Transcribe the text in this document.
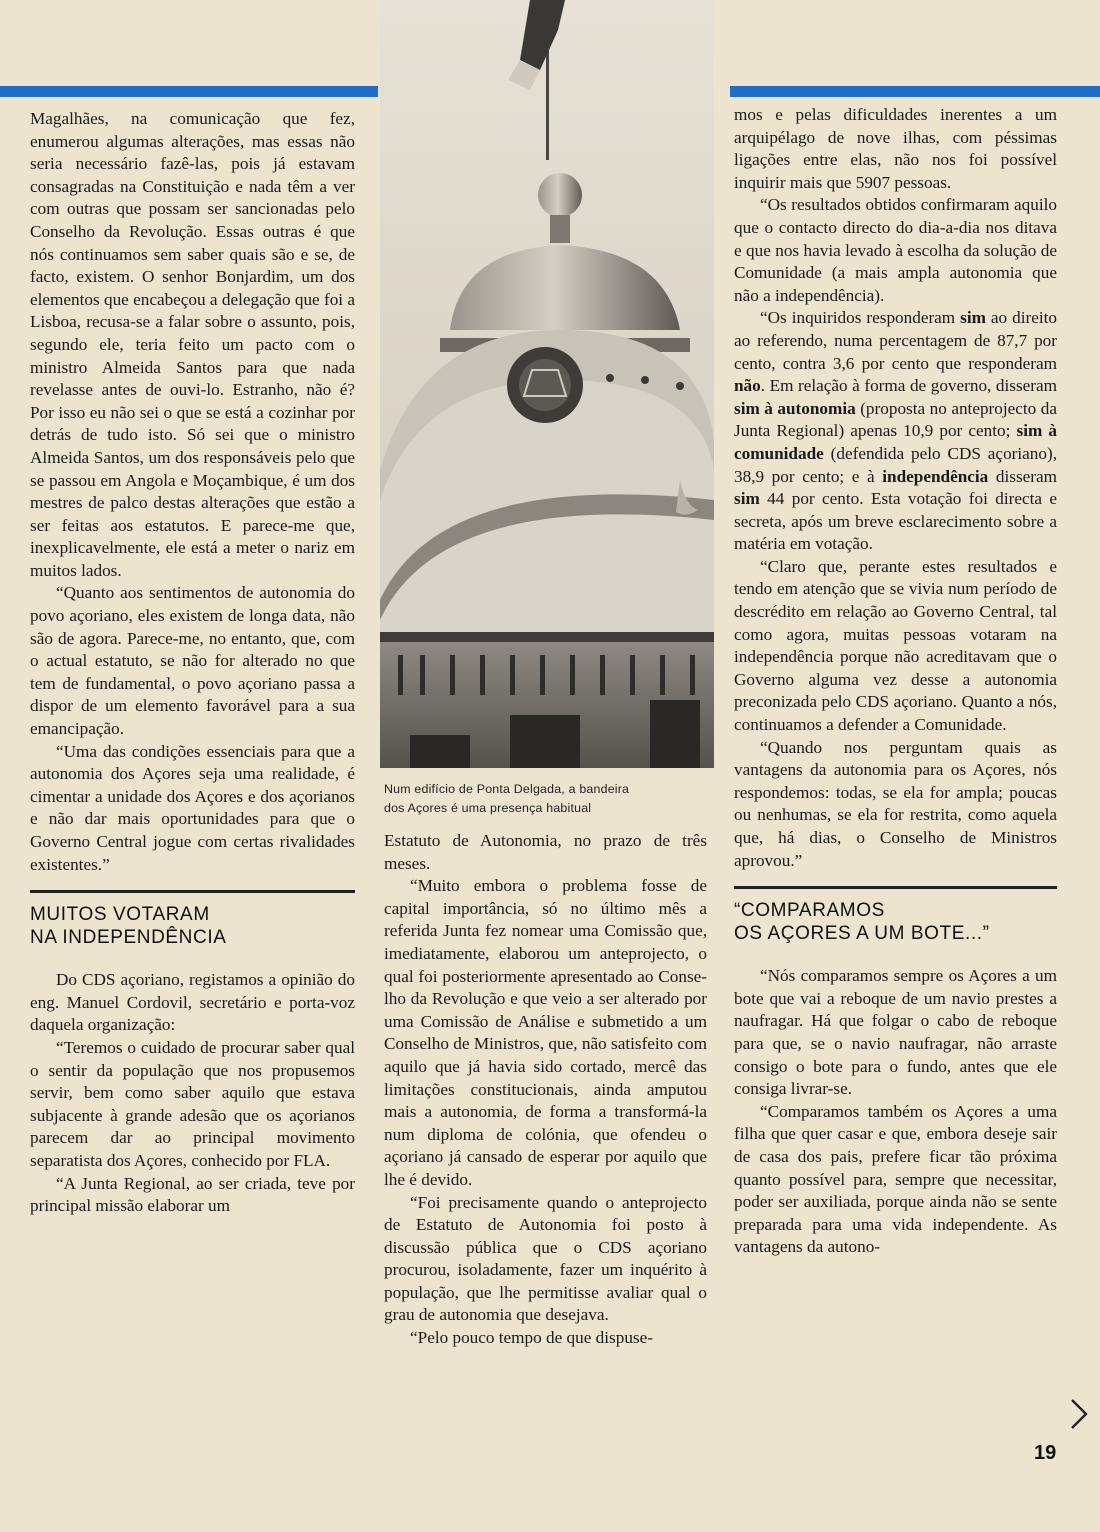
Magalhães, na comunicação que fez, enumerou algumas alterações, mas essas não seria necessário fazê-las, pois já estavam consagradas na Constituição e nada têm a ver com outras que possam ser sancionadas pelo Conselho da Revolução. Essas outras é que nós continuamos sem saber quais são e se, de facto, existem. O senhor Bonjardim, um dos elementos que encabeçou a delegação que foi a Lisboa, recusa-se a falar sobre o assunto, pois, segundo ele, teria feito um pacto com o ministro Almeida Santos para que nada revelasse antes de ouvi-lo. Estranho, não é? Por isso eu não sei o que se está a cozinhar por detrás de tudo isto. Só sei que o ministro Almeida Santos, um dos responsáveis pelo que se passou em Angola e Moçambique, é um dos mestres de palco destas alterações que estão a ser feitas aos estatutos. E parece-me que, inexplicavelmente, ele está a meter o nariz em muitos lados.

“Quanto aos sentimentos de autonomia do povo açoriano, eles existem de longa data, não são de agora. Parece-me, no entanto, que, com o actual estatuto, se não for alterado no que tem de fundamental, o povo açoriano passa a dispor de um elemento favorável para a sua emancipação.

“Uma das condições essenciais para que a autonomia dos Açores seja uma realidade, é cimentar a unidade dos Açores e dos açorianos e não dar mais oportunidades para que o Governo Central jogue com certas rivalidades existentes.”

MUITOS VOTARAM
NA INDEPENDÊNCIA

Do CDS açoriano, registamos a opinião do eng. Manuel Cordovil, secretário e porta-voz daquela organização:

“Teremos o cuidado de procurar saber qual o sentir da população que nos propusemos servir, bem como saber aquilo que estava subjacente à grande adesão que os açorianos parecem dar ao principal movimento separatista dos Açores, conhecido por FLA.

“A Junta Regional, ao ser criada, teve por principal missão elaborar um

Num edifício de Ponta Delgada, a bandeira
dos Açores é uma presença habitual

Estatuto de Autonomia, no prazo de três meses.

“Muito embora o problema fosse de capital importância, só no último mês a referida Junta fez nomear uma Comissão que, imediatamente, elaborou um anteprojecto, o qual foi posteriormente apresentado ao Conselho da Revolução e que veio a ser alterado por uma Comissão de Análise e submetido a um Conselho de Ministros, que, não satisfeito com aquilo que já havia sido cortado, mercê das limitações constitucionais, ainda amputou mais a autonomia, de forma a transformá-la num diploma de colónia, que ofendeu o açoriano já cansado de esperar por aquilo que lhe é devido.

“Foi precisamente quando o anteprojecto de Estatuto de Autonomia foi posto à discussão pública que o CDS açoriano procurou, isoladamente, fazer um inquérito à população, que lhe permitisse avaliar qual o grau de autonomia que desejava.

“Pelo pouco tempo de que dispuse-

mos e pelas dificuldades inerentes a um arquipélago de nove ilhas, com péssimas ligações entre elas, não nos foi possível inquirir mais que 5907 pessoas.

“Os resultados obtidos confirmaram aquilo que o contacto directo do dia-a-dia nos ditava e que nos havia levado à escolha da solução de Comunidade (a mais ampla autonomia que não a independência).

“Os inquiridos responderam sim ao direito ao referendo, numa percentagem de 87,7 por cento, contra 3,6 por cento que responderam não. Em relação à forma de governo, disseram sim à autonomia (proposta no anteprojecto da Junta Regional) apenas 10,9 por cento; sim à comunidade (defendida pelo CDS açoriano), 38,9 por cento; e à independência disseram sim 44 por cento. Esta votação foi directa e secreta, após um breve esclarecimento sobre a matéria em votação.

“Claro que, perante estes resultados e tendo em atenção que se vivia num período de descrédito em relação ao Governo Central, tal como agora, muitas pessoas votaram na independência porque não acreditavam que o Governo alguma vez desse a autonomia preconizada pelo CDS açoriano. Quanto a nós, continuamos a defender a Comunidade.

“Quando nos perguntam quais as vantagens da autonomia para os Açores, nós respondemos: todas, se ela for ampla; poucas ou nenhumas, se ela for restrita, como aquela que, há dias, o Conselho de Ministros aprovou.”

“COMPARAMOS
OS AÇORES A UM BOTE...”

“Nós comparamos sempre os Açores a um bote que vai a reboque de um navio prestes a naufragar. Há que folgar o cabo de reboque para que, se o navio naufragar, não arraste consigo o bote para o fundo, antes que ele consiga livrar-se.

“Comparamos também os Açores a uma filha que quer casar e que, embora deseje sair de casa dos pais, prefere ficar tão próxima quanto possível para, sempre que necessitar, poder ser auxiliada, porque ainda não se sente preparada para uma vida independente. As vantagens da autono-

19
